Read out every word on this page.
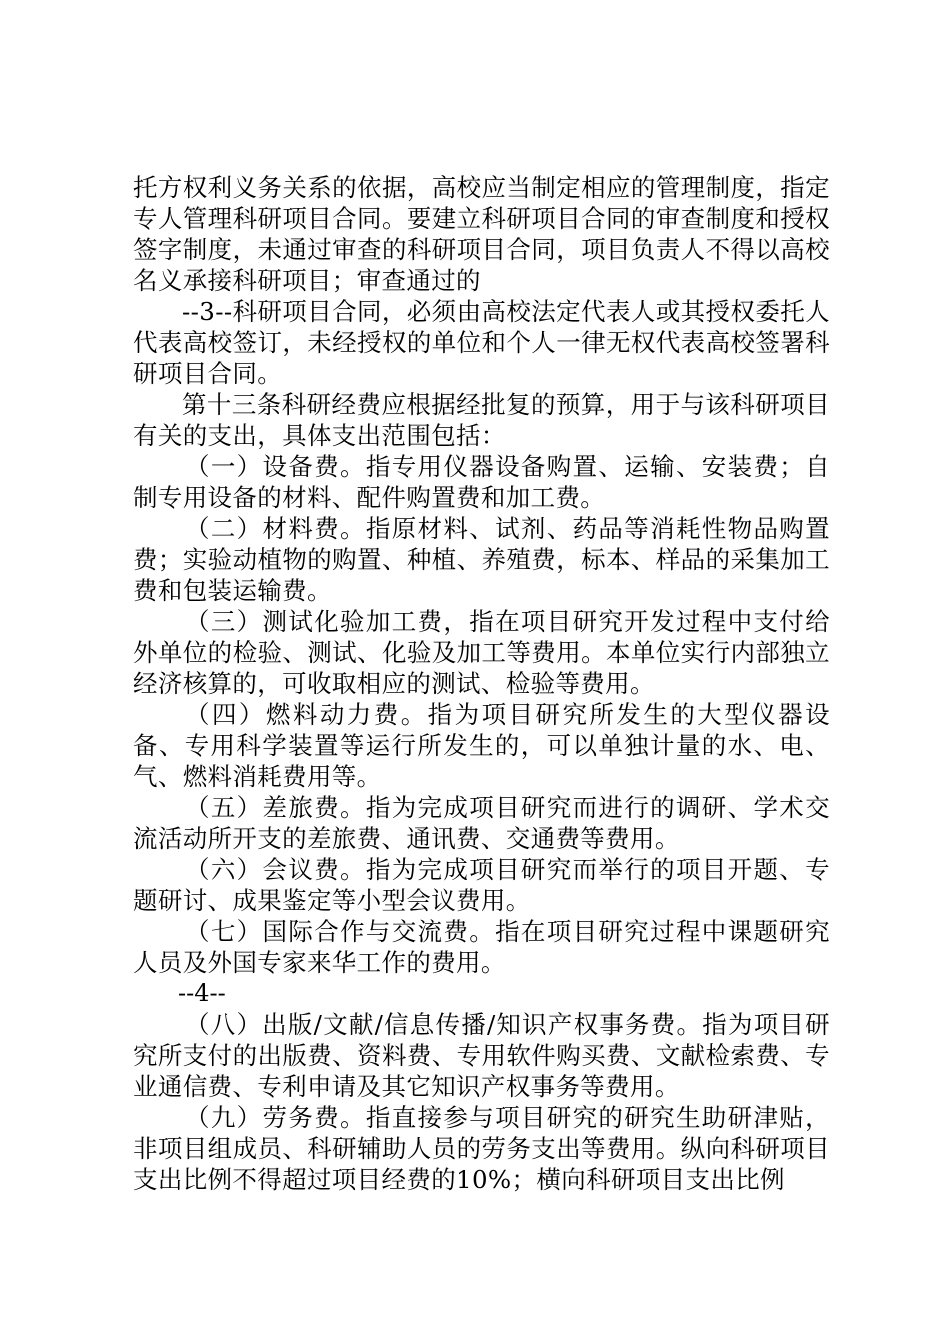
托方权利义务关系的依据，高校应当制定相应的管理制度，指定专人管理科研项目合同。要建立科研项目合同的审查制度和授权签字制度，未通过审查的科研项目合同，项目负责人不得以高校名义承接科研项目；审查通过的

--3--科研项目合同，必须由高校法定代表人或其授权委托人代表高校签订，未经授权的单位和个人一律无权代表高校签署科研项目合同。

第十三条科研经费应根据经批复的预算，用于与该科研项目有关的支出，具体支出范围包括：

（一）设备费。指专用仪器设备购置、运输、安装费；自制专用设备的材料、配件购置费和加工费。

（二）材料费。指原材料、试剂、药品等消耗性物品购置费；实验动植物的购置、种植、养殖费，标本、样品的采集加工费和包装运输费。

（三）测试化验加工费，指在项目研究开发过程中支付给外单位的检验、测试、化验及加工等费用。本单位实行内部独立经济核算的，可收取相应的测试、检验等费用。

（四）燃料动力费。指为项目研究所发生的大型仪器设备、专用科学装置等运行所发生的，可以单独计量的水、电、气、燃料消耗费用等。

（五）差旅费。指为完成项目研究而进行的调研、学术交流活动所开支的差旅费、通讯费、交通费等费用。

（六）会议费。指为完成项目研究而举行的项目开题、专题研讨、成果鉴定等小型会议费用。

（七）国际合作与交流费。指在项目研究过程中课题研究人员及外国专家来华工作的费用。

--4--

（八）出版/文献/信息传播/知识产权事务费。指为项目研究所支付的出版费、资料费、专用软件购买费、文献检索费、专业通信费、专利申请及其它知识产权事务等费用。

（九）劳务费。指直接参与项目研究的研究生助研津贴，非项目组成员、科研辅助人员的劳务支出等费用。纵向科研项目支出比例不得超过项目经费的10%；横向科研项目支出比例
